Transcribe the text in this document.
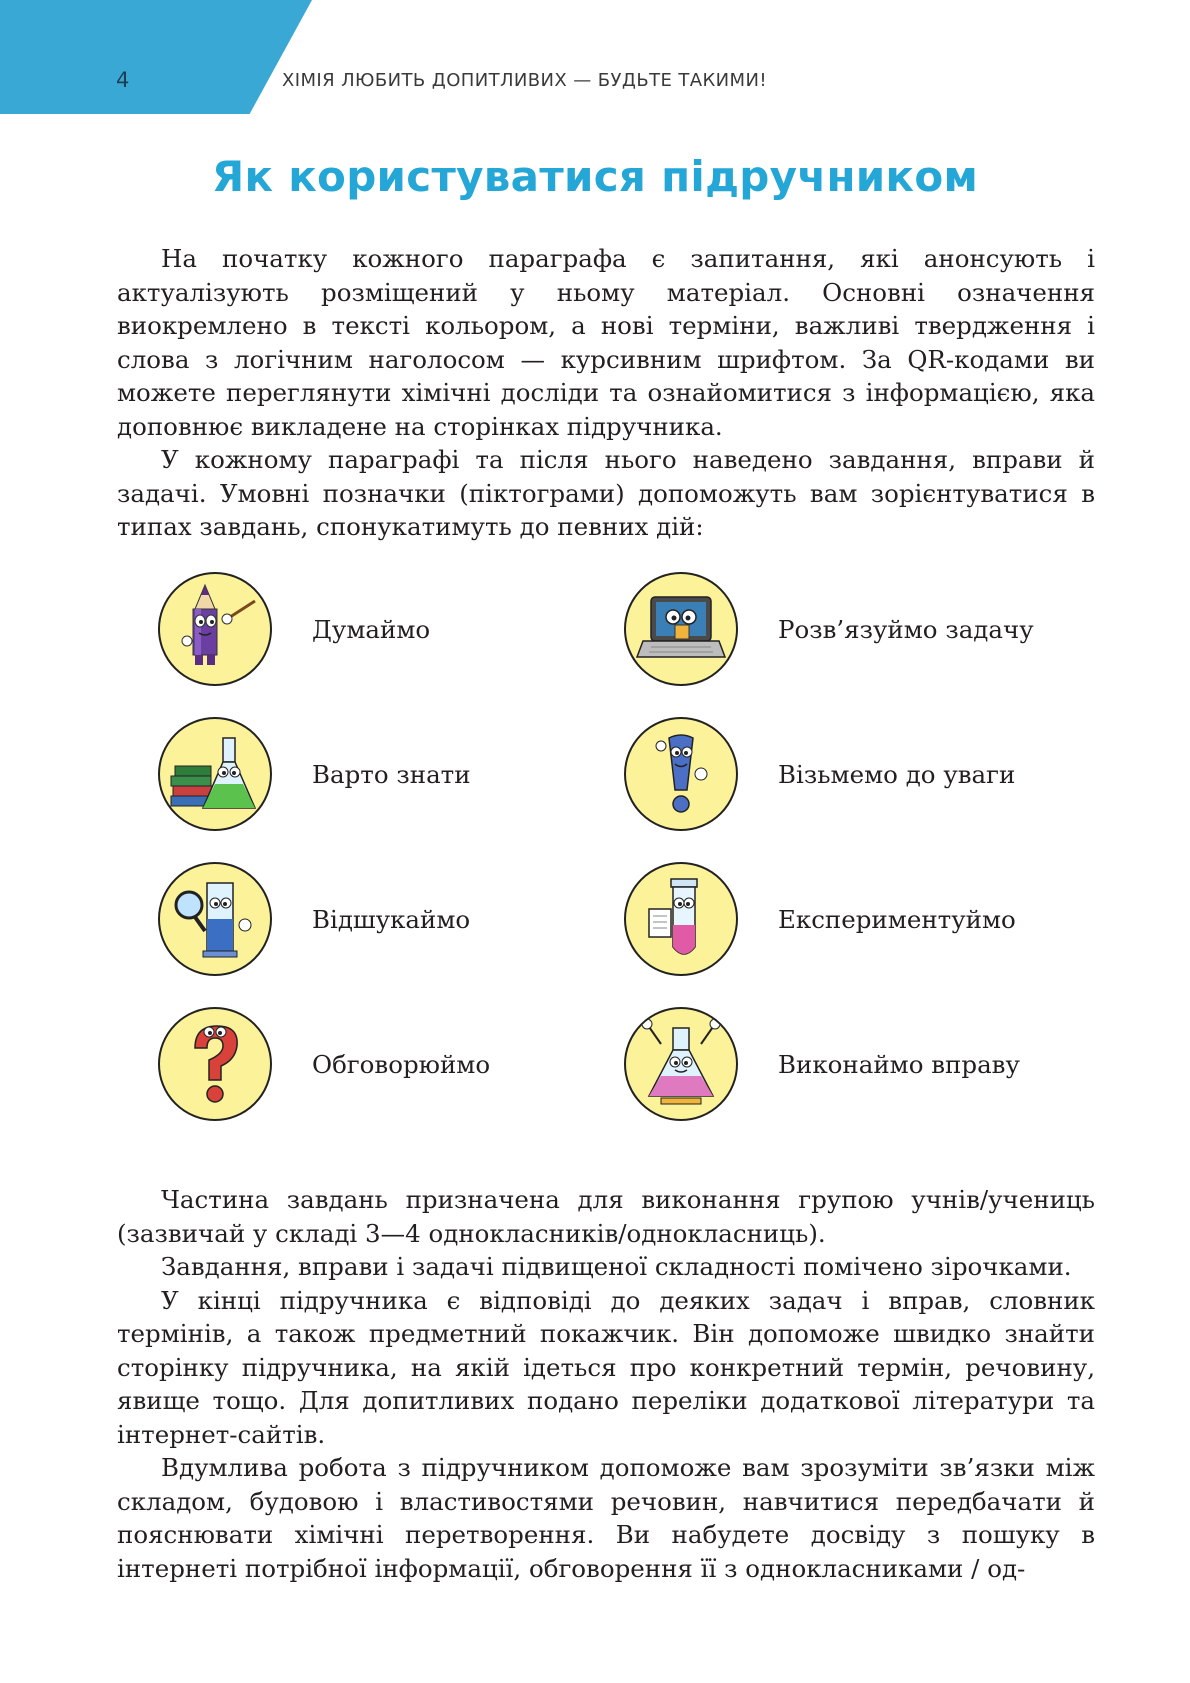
4	ХІМІЯ ЛЮБИТЬ ДОПИТЛИВИХ — БУДЬТЕ ТАКИМИ!
Як користуватися підручником

На початку кожного параграфа є запитання, які анонсують і актуалізують розміщений у ньому матеріал. Основні означення виокремлено в тексті кольором, а нові терміни, важливі твердження і слова з логічним наголосом — курсивним шрифтом. За QR-кодами ви можете переглянути хімічні досліди та ознайомитися з інформацією, яка доповнює викладене на сторінках підручника.

У кожному параграфі та після нього наведено завдання, вправи й задачі. Умовні позначки (піктограми) допоможуть вам зорієнтуватися в типах завдань, спонукатимуть до певних дій:

Думаймо	Розв’язуймо задачу
Варто знати	Візьмемо до уваги
Відшукаймо	Експериментуймо
Обговорюймо	Виконаймо вправу

Частина завдань призначена для виконання групою учнів/учениць (зазвичай у складі 3—4 однокласників/однокласниць).

Завдання, вправи і задачі підвищеної складності помічено зірочками.

У кінці підручника є відповіді до деяких задач і вправ, словник термінів, а також предметний покажчик. Він допоможе швидко знайти сторінку підручника, на якій ідеться про конкретний термін, речовину, явище тощо. Для допитливих подано переліки додаткової літератури та інтернет-сайтів.

Вдумлива робота з підручником допоможе вам зрозуміти зв’язки між складом, будовою і властивостями речовин, навчитися передбачати й пояснювати хімічні перетворення. Ви набудете досвіду з пошуку в інтернеті потрібної інформації, обговорення її з однокласниками / од-
